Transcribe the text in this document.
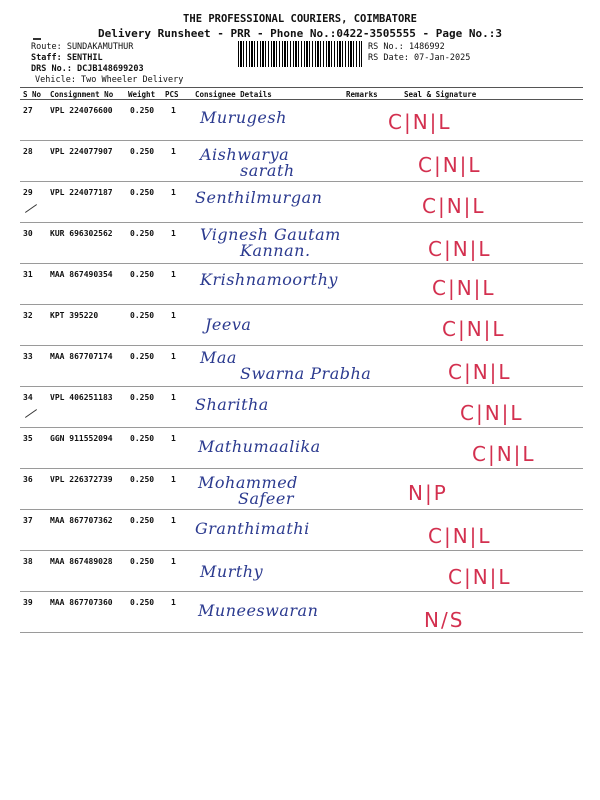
THE PROFESSIONAL COURIERS, COIMBATORE
Delivery Runsheet - PRR - Phone No.:0422-3505555 - Page No.:3
Route: SUNDAKAMUTHUR
Staff: SENTHIL
DRS No.: DCJB148699203
Vehicle: Two Wheeler Delivery
RS No.: 1486992
RS Date: 07-Jan-2025
S No Consignment No Weight PCS Consignee Details	Remarks	Seal & Signature
27 VPL 224076600 0.250 1 Murugesh	C|N|L
28 VPL 224077907 0.250 1 Aishwarya
sarath	C|N|L
29 VPL 224077187 0.250 1 Senthilmurgan	C|N|L
30 KUR 696302562 0.250 1 Vignesh Gautam
Kannan.	C|N|L
31 MAA 867490354 0.250 1 Krishnamoorthy	C|N|L
32 KPT 395220	0.250 1 Jeeva	C|N|L
33 MAA 867707174 0.250 1 Maa
Swarna Prabha	C|N|L
34 VPL 406251183 0.250 1 Sharitha	C|N|L
35 GGN 911552094 0.250 1 Mathumaalika	C|N|L
36 VPL 226372739 0.250 1 Mohammed
Safeer	N|P
37 MAA 867707362 0.250 1 Granthimathi	C|N|L
38 MAA 867489028 0.250 1
Murthy	C|N|L
39 MAA 867707360 0.250 1 Muneeswaran	N/S
